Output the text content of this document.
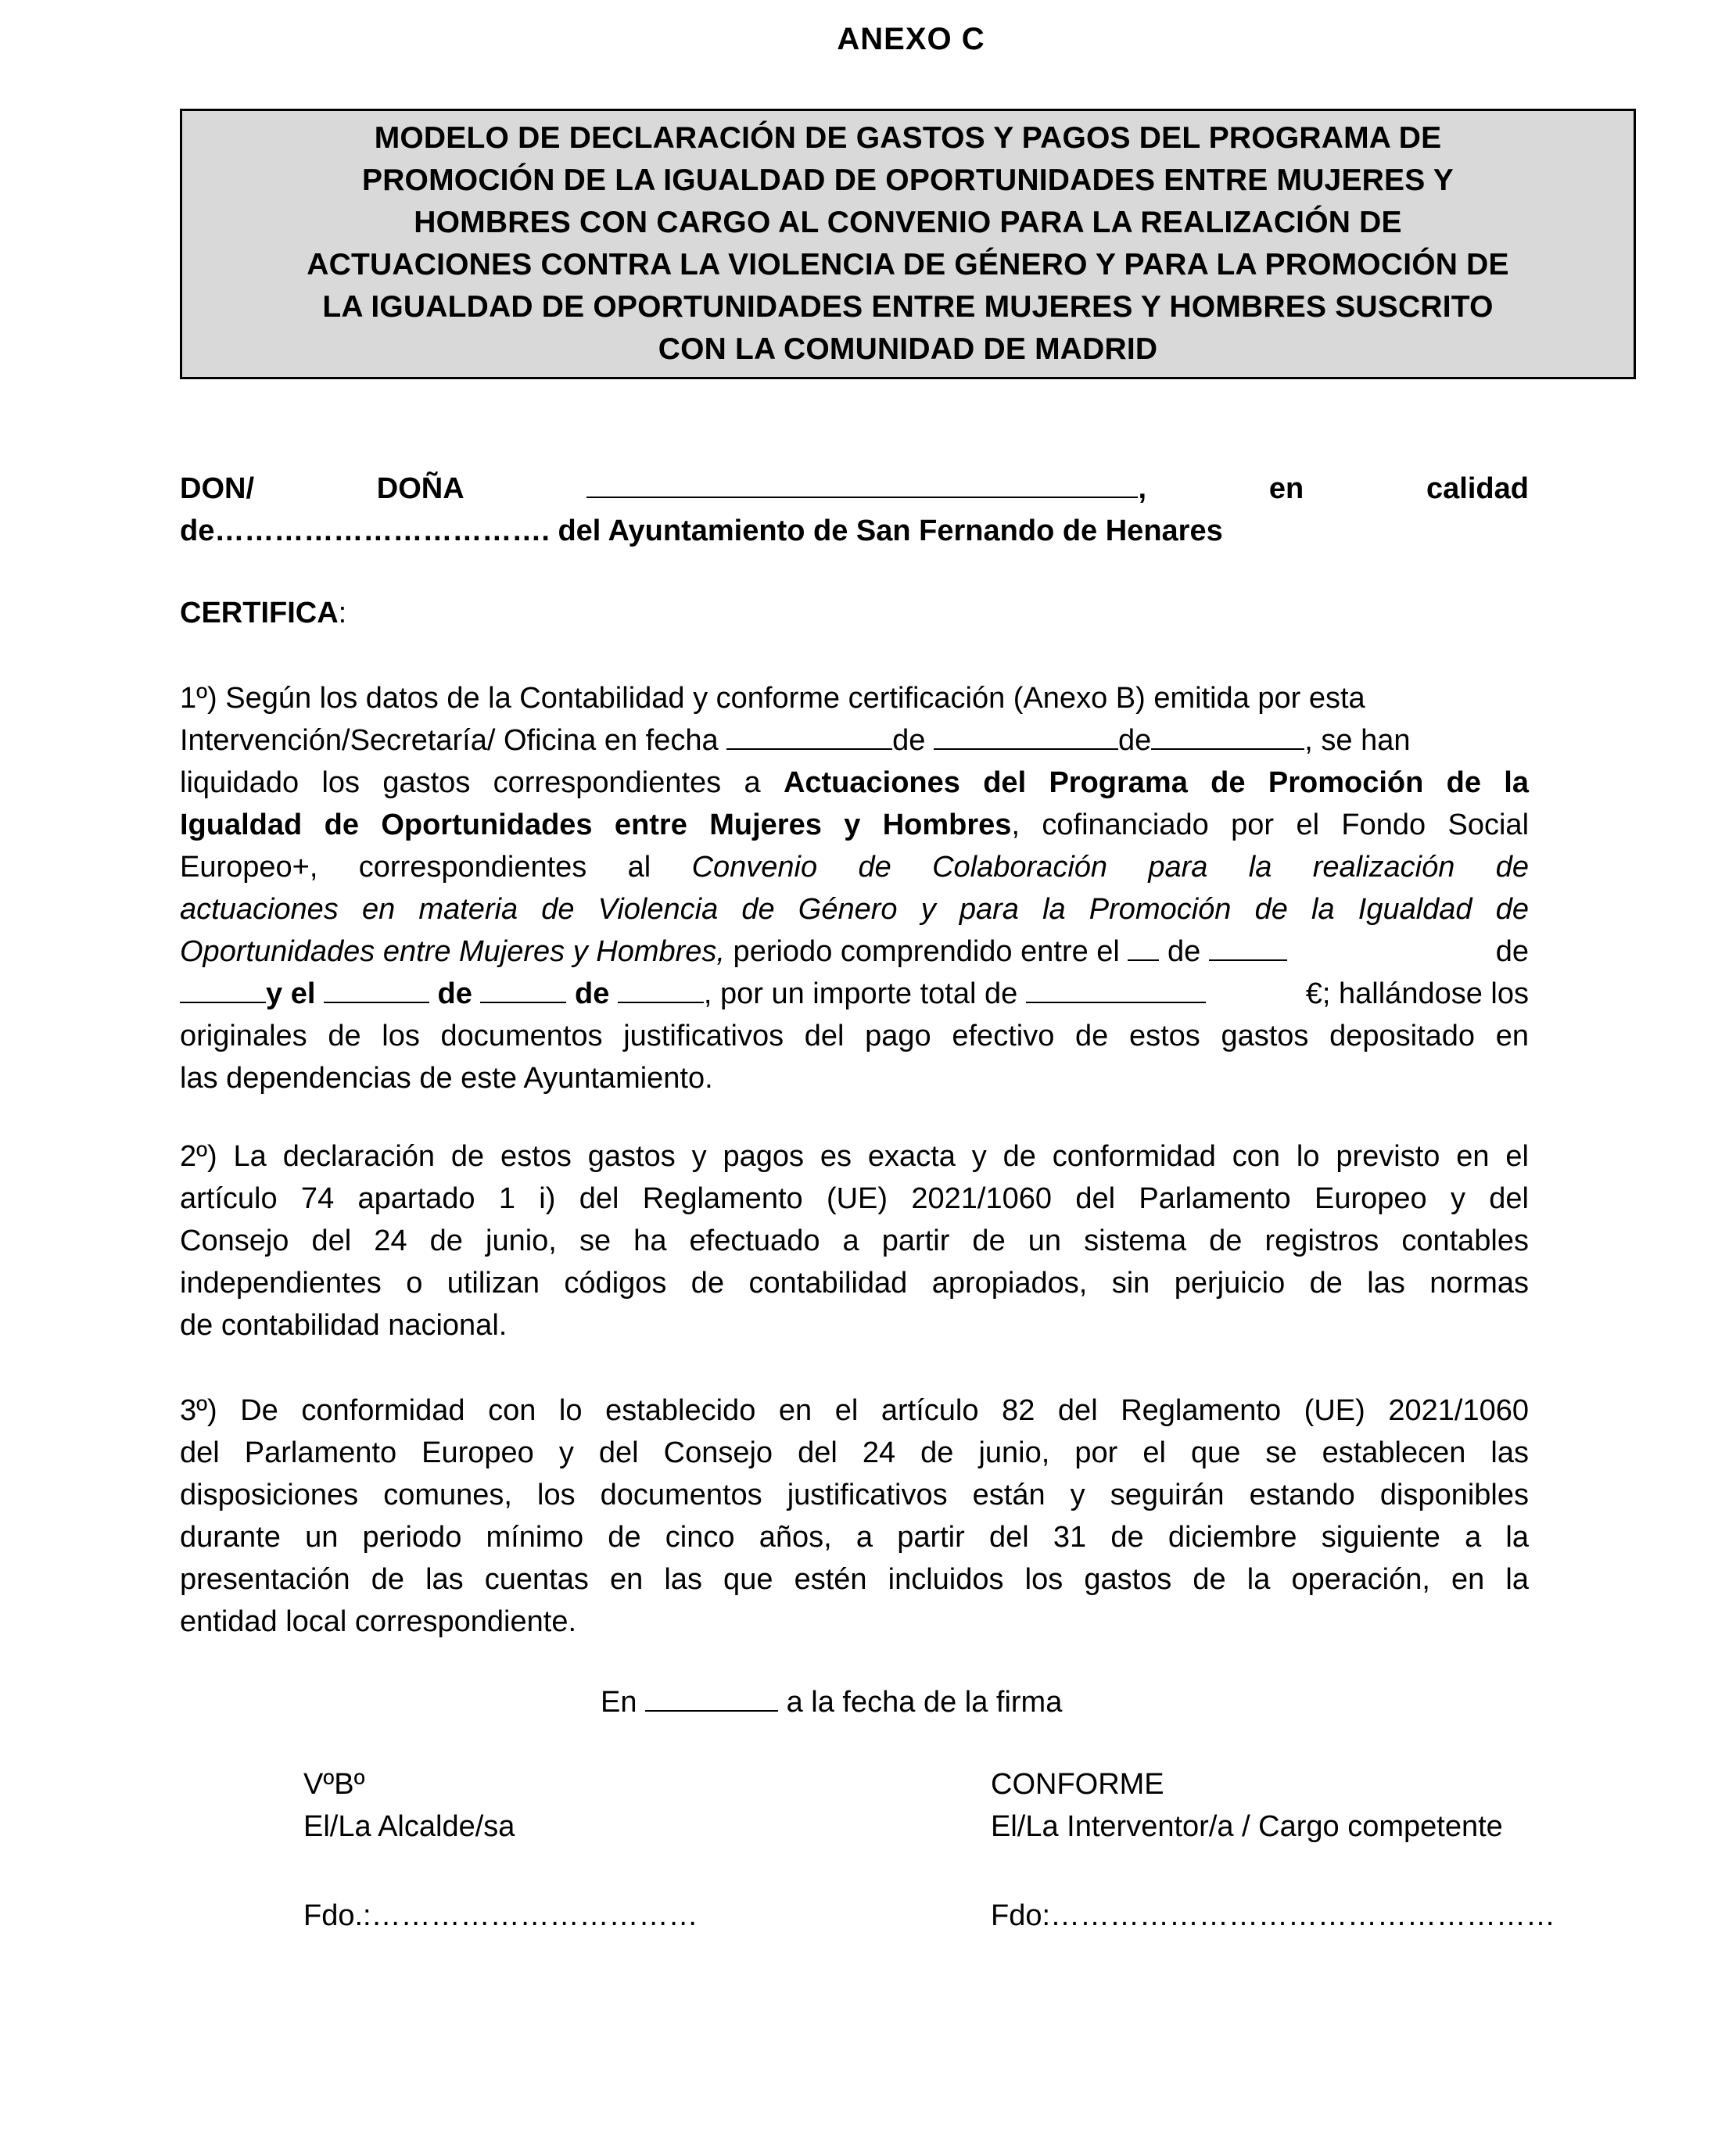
ANEXO C
MODELO DE DECLARACIÓN DE GASTOS Y PAGOS DEL PROGRAMA DE
PROMOCIÓN DE LA IGUALDAD DE OPORTUNIDADES ENTRE MUJERES Y
HOMBRES CON CARGO AL CONVENIO PARA LA REALIZACIÓN DE
ACTUACIONES CONTRA LA VIOLENCIA DE GÉNERO Y PARA LA PROMOCIÓN DE
LA IGUALDAD DE OPORTUNIDADES ENTRE MUJERES Y HOMBRES SUSCRITO
CON LA COMUNIDAD DE MADRID
DON/	DOÑA	,	en	calidad
de……………………………. del Ayuntamiento de San Fernando de Henares
CERTIFICA:
1º) Según los datos de la Contabilidad y conforme certificación (Anexo B) emitida por esta
Intervención/Secretaría/ Oficina en fecha	de	de	, se han
liquidado los gastos correspondientes a Actuaciones del Programa de Promoción de la
Igualdad de Oportunidades entre Mujeres y Hombres, cofinanciado por el Fondo Social
Europeo+, correspondientes al Convenio de Colaboración para la realización de
actuaciones en materia de Violencia de Género y para la Promoción de la Igualdad de
Oportunidades entre Mujeres y Hombres, periodo comprendido entre el  de	de
y el	de	de	, por un importe total de	€; hallándose los
originales de los documentos justificativos del pago efectivo de estos gastos depositado en
las dependencias de este Ayuntamiento.
2º) La declaración de estos gastos y pagos es exacta y de conformidad con lo previsto en el
artículo 74 apartado 1 i) del Reglamento (UE) 2021/1060 del Parlamento Europeo y del
Consejo del 24 de junio, se ha efectuado a partir de un sistema de registros contables
independientes o utilizan códigos de contabilidad apropiados, sin perjuicio de las normas
de contabilidad nacional.
3º) De conformidad con lo establecido en el artículo 82 del Reglamento (UE) 2021/1060
del Parlamento Europeo y del Consejo del 24 de junio, por el que se establecen las
disposiciones comunes, los documentos justificativos están y seguirán estando disponibles
durante un periodo mínimo de cinco años, a partir del 31 de diciembre siguiente a la
presentación de las cuentas en las que estén incluidos los gastos de la operación, en la
entidad local correspondiente.
En	a la fecha de la firma
VºBº
El/La Alcalde/sa
Fdo.:……………………………
CONFORME
El/La Interventor/a / Cargo competente
Fdo:……………………………………………
